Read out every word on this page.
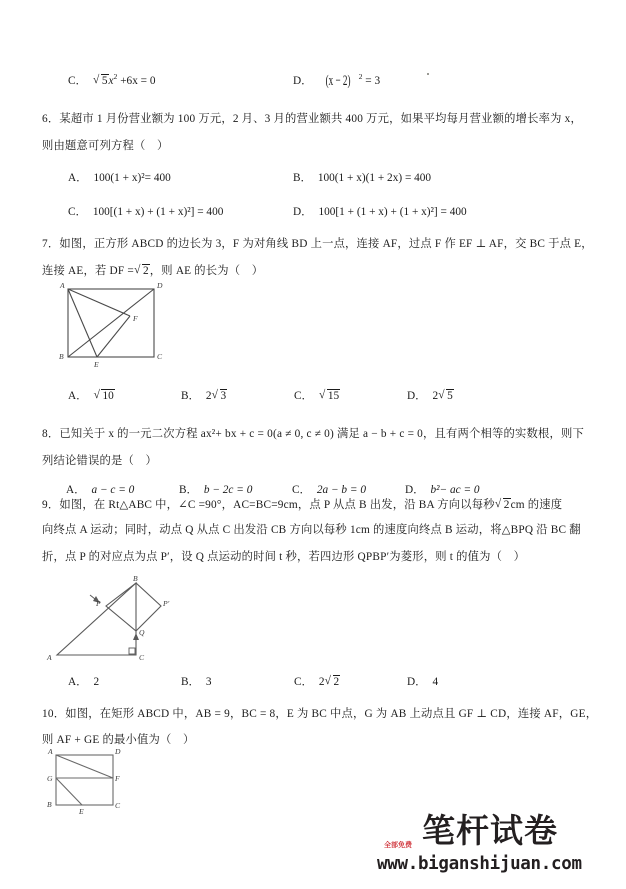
C．	√ $5x^2 +6x = 0$	D． (x − 2) $^2$ = 3
6．某超市 1 月份营业额为 100 万元，2 月、3 月的营业额共 400 万元，如果平均每月营业额的增长率为 x，
则由题意可列方程（　）
A． 100(1 + x)²= 400	B． 100(1 + x)(1 + 2x) = 400
C． 100[(1 + x) + (1 + x)²] = 400	D． 100[1 + (1 + x) + (1 + x)²] = 400
7．如图，正方形 ABCD 的边长为 3，F 为对角线 BD 上一点，连接 AF，过点 F 作 EF ⊥ AF，交 BC 于点 E，
连接 AE，若 DF = √ 2，则 AE 的长为（　）
A	D
B	C
F
E
A．	√ 10	B． 2 √ 3	C．	√ 15	D． 2 √ 5
8．已知关于 x 的一元二次方程 ax²+ bx + c = 0(a ≠ 0, c ≠ 0) 满足 a − b + c = 0，且有两个相等的实数根，则下
列结论错误的是（　）
A． a − c = 0	B． b − 2c = 0	C． 2a − b = 0	D． b²− ac = 0
9．如图，在 Rt△ABC 中，∠C =90°，AC=BC=9cm，点 P 从点 B 出发，沿 BA 方向以每秒 √ 2cm 的速度
向终点 A 运动；同时，动点 Q 从点 C 出发沿 CB 方向以每秒 1cm 的速度向终点 B 运动，将△BPQ 沿 BC 翻
折，点 P 的对应点为点 P′，设 Q 点运动的时间 t 秒，若四边形 QPBP′为菱形，则 t 的值为（　）
B
A	C
P	P'
Q
A． 2	B． 3	C． 2 √ 2	D． 4
10．如图，在矩形 ABCD 中，AB = 9，BC = 8，E 为 BC 中点，G 为 AB 上动点且 GF ⊥ CD，连接 AF，GE，
则 AF + GE 的最小值为（　）
A	D
B	C
G	F
E	笔杆试卷
全部免费
www.biganshijuan.com
